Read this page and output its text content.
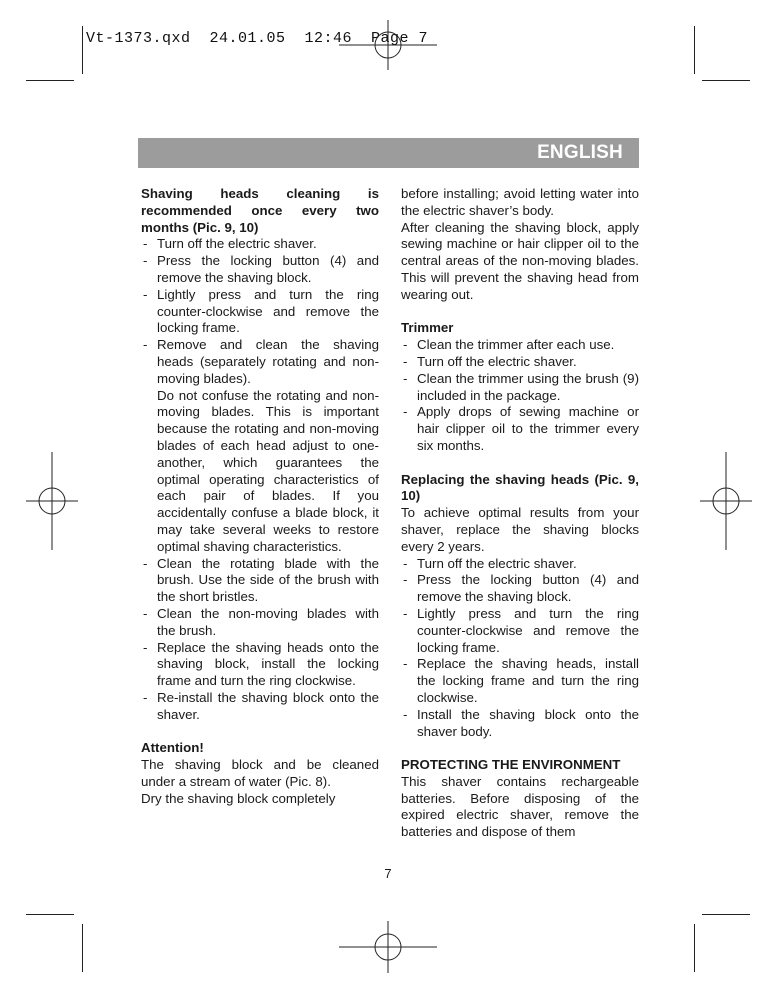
Vt-1373.qxd  24.01.05  12:46  Page 7
ENGLISH
Shaving heads cleaning is recommended once every two months (Pic. 9, 10)
- Turn off the electric shaver.
- Press the locking button (4) and remove the shaving block.
- Lightly press and turn the ring counter-clockwise and remove the locking frame.
- Remove and clean the shaving heads (separately rotating and non-moving blades).
Do not confuse the rotating and non-moving blades. This is important because the rotating and non-moving blades of each head adjust to one-another, which guarantees the optimal operating characteristics of each pair of blades. If you accidentally confuse a blade block, it may take several weeks to restore optimal shaving characteristics.
- Clean the rotating blade with the brush. Use the side of the brush with the short bristles.
- Clean the non-moving blades with the brush.
- Replace the shaving heads onto the shaving block, install the locking frame and turn the ring clockwise.
- Re-install the shaving block onto the shaver.
Attention!

The shaving block and be cleaned under a stream of water (Pic. 8).

Dry the shaving block completely

before installing; avoid letting water into the electric shaver’s body.

After cleaning the shaving block, apply sewing machine or hair clipper oil to the central areas of the non-moving blades. This will prevent the shaving head from wearing out.

Trimmer
- Clean the trimmer after each use.
- Turn off the electric shaver.
- Clean the trimmer using the brush (9) included in the package.
- Apply drops of sewing machine or hair clipper oil to the trimmer every six months.
Replacing the shaving heads (Pic. 9, 10)

To achieve optimal results from your shaver, replace the shaving blocks every 2 years.

- Turn off the electric shaver.
- Press the locking button (4) and remove the shaving block.
- Lightly press and turn the ring counter-clockwise and remove the locking frame.
- Replace the shaving heads, install the locking frame and turn the ring clockwise.
- Install the shaving block onto the shaver body.
PROTECTING THE ENVIRONMENT

This shaver contains rechargeable batteries. Before disposing of the expired electric shaver, remove the batteries and dispose of them

7
